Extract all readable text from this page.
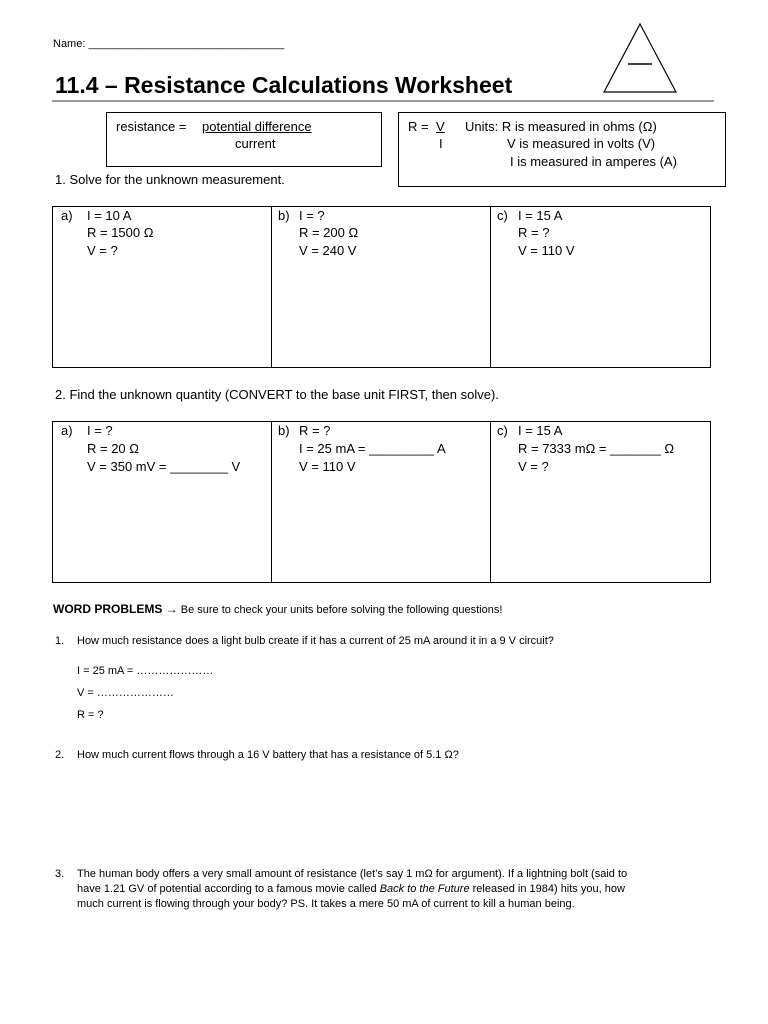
Name: ________________________________
11.4 – Resistance Calculations Worksheet
resistance = potential difference
current
R = V
I
Units: R is measured in ohms (Ω)
V is measured in volts (V)
I is measured in amperes (A)
1. Solve for the unknown measurement.
a) I = 10 A
R = 1500 Ω
V = ?

b) I = ?
R = 200 Ω
V = 240 V

c) I = 15 A
R = ?
V = 110 V
2. Find the unknown quantity (CONVERT to the base unit FIRST, then solve).
a) I = ?
R = 20 Ω
V = 350 mV = ________ V

b) R = ?
I = 25 mA = _________ A
V = 110 V

c) I = 15 A
R = 7333 mΩ = _______ Ω
V = ?
WORD PROBLEMS → Be sure to check your units before solving the following questions!
1. How much resistance does a light bulb create if it has a current of 25 mA around it in a 9 V circuit?
I = 25 mA = …………………
V = …………………
R = ?
2. How much current flows through a 16 V battery that has a resistance of 5.1 Ω?
3. The human body offers a very small amount of resistance (let’s say 1 mΩ for argument). If a lightning bolt (said to
have 1.21 GV of potential according to a famous movie called Back to the Future released in 1984) hits you, how
much current is flowing through your body? PS. It takes a mere 50 mA of current to kill a human being.
